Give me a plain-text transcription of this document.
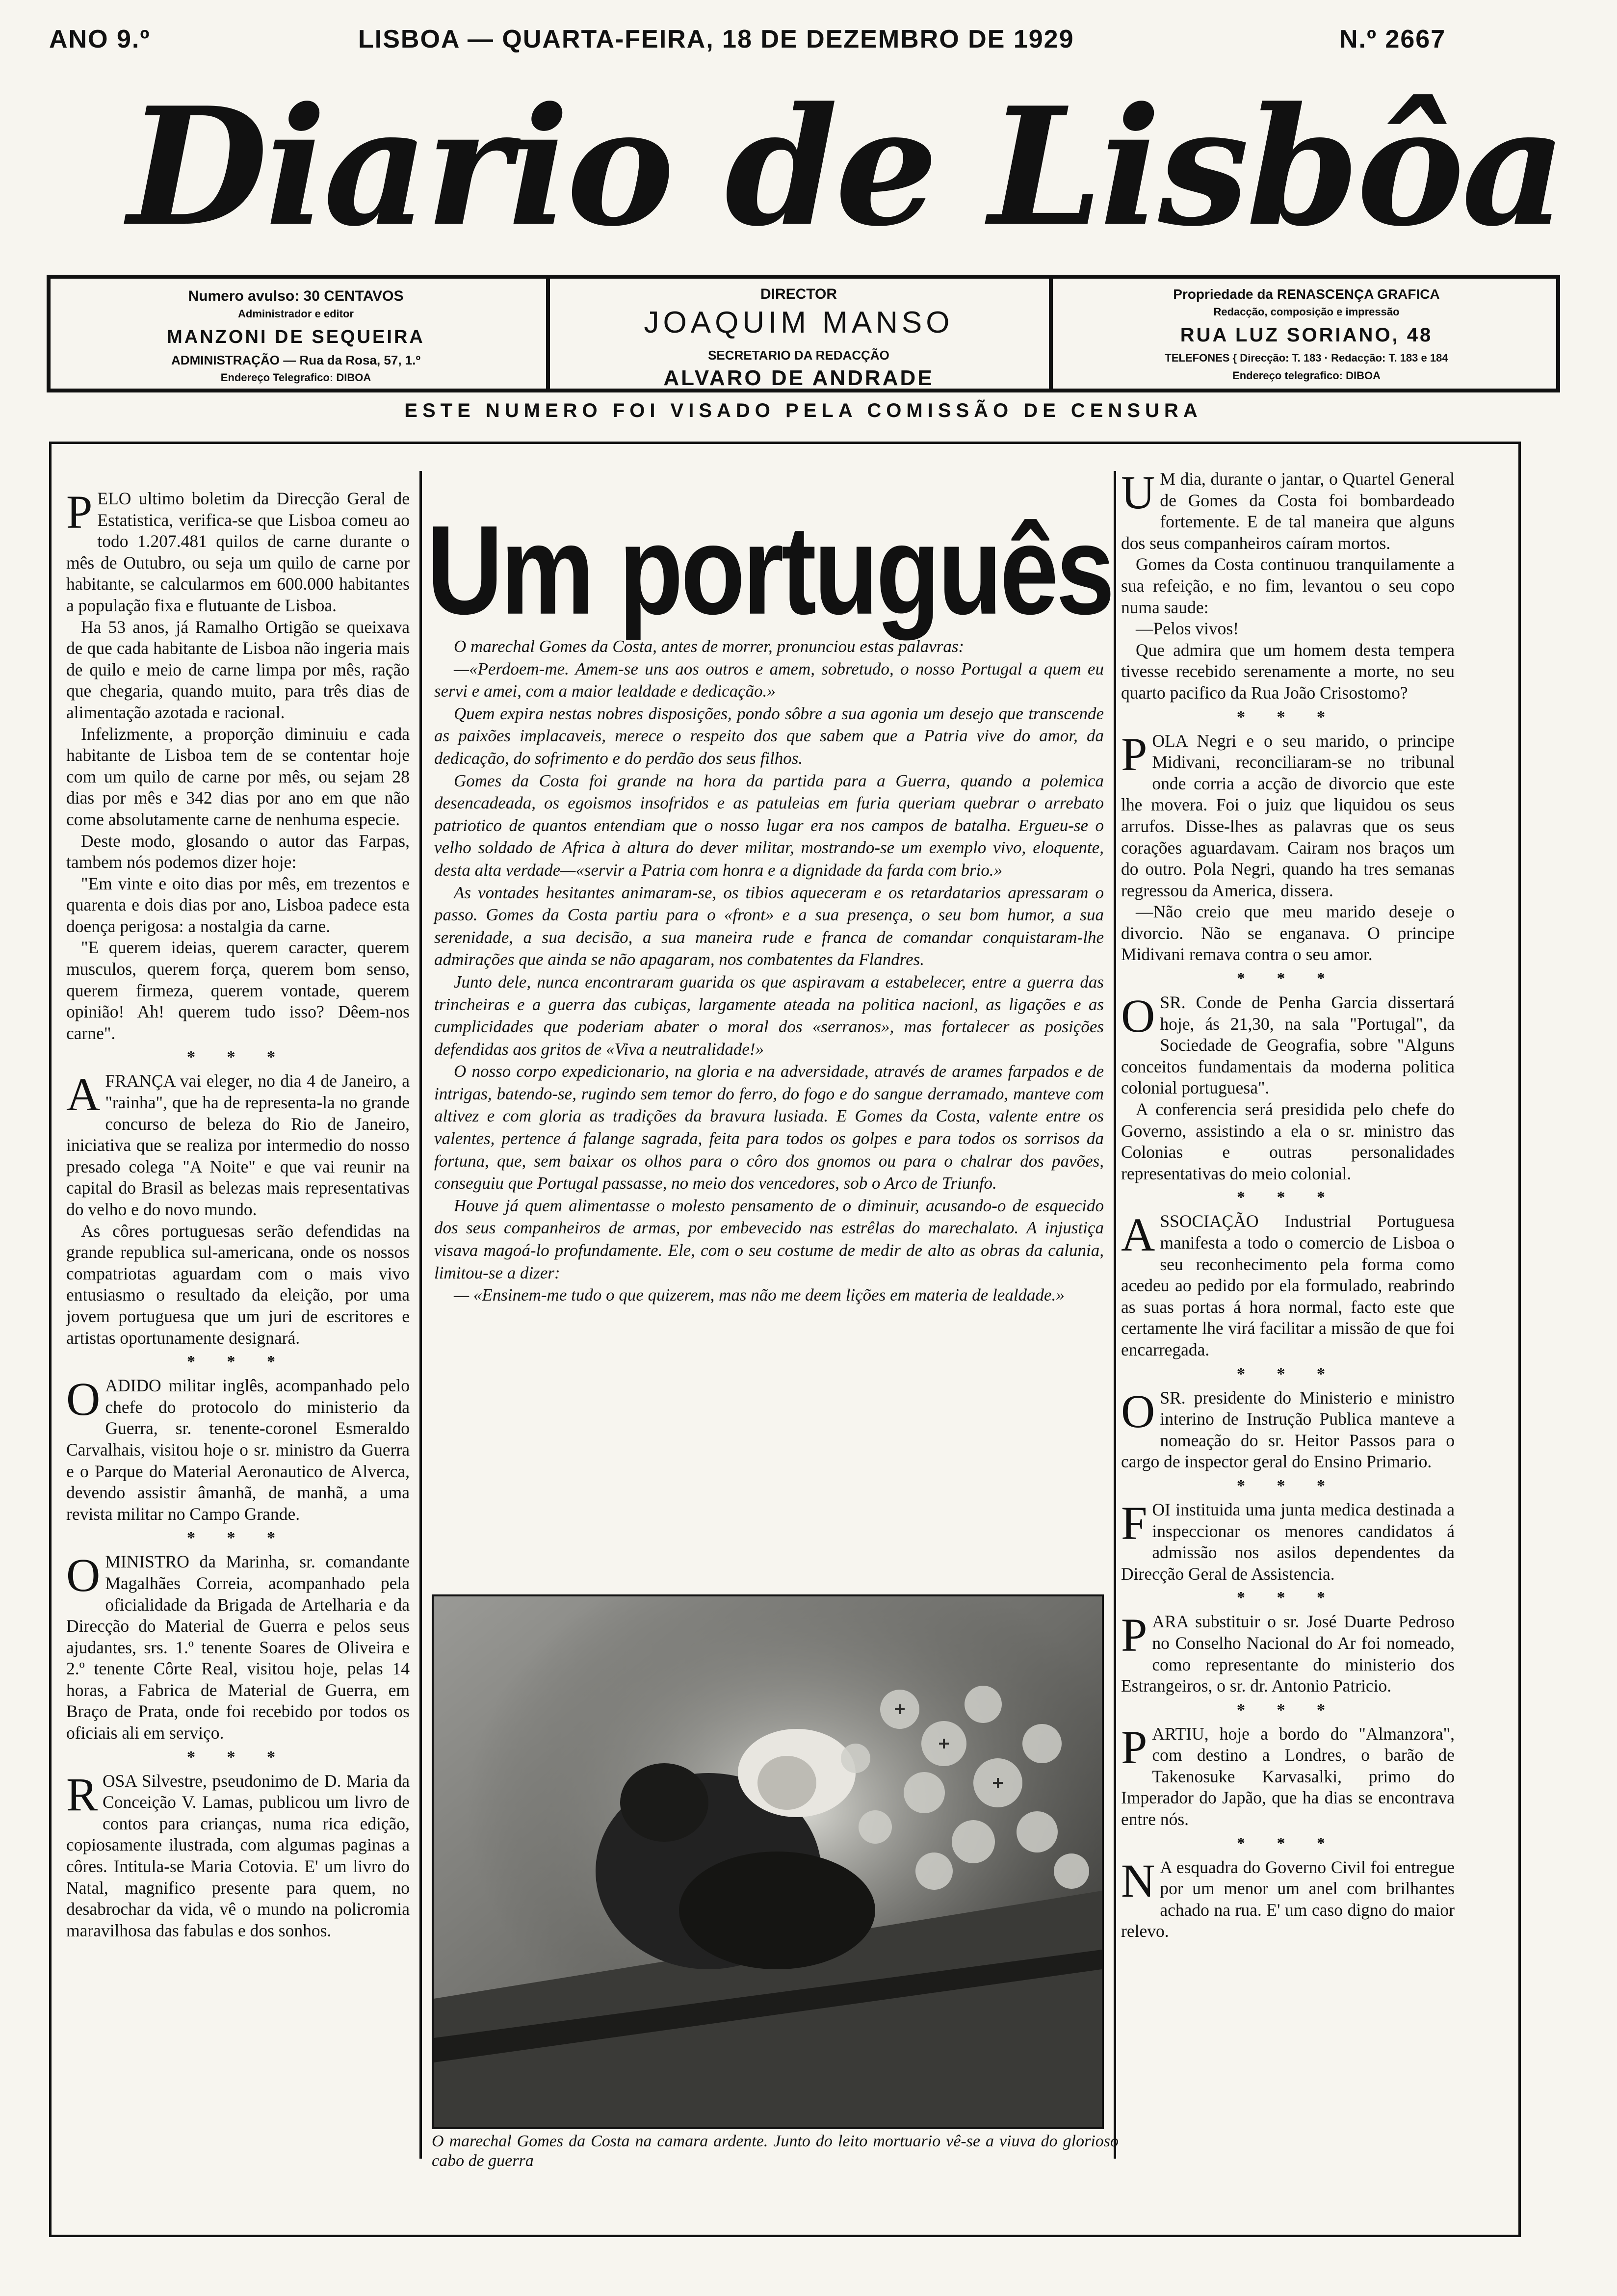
ANO 9.º	LISBOA — QUARTA-FEIRA, 18 DE DEZEMBRO DE 1929	N.º 2667
Diario de Lisbôa
Numero avulso: 30 CENTAVOS
Administrador e editor
MANZONI DE SEQUEIRA
ADMINISTRAÇÃO — Rua da Rosa, 57, 1.º
Endereço Telegrafico: DIBOA
DIRECTOR
JOAQUIM MANSO
SECRETARIO DA REDACÇÃO
ALVARO DE ANDRADE
Propriedade da RENASCENÇA GRAFICA
Redacção, composição e impressão
RUA LUZ SORIANO, 48
TELEFONES { Direcção: T. 183 · Redacção: T. 183 e 184
Endereço telegrafico: DIBOA
ESTE NUMERO FOI VISADO PELA COMISSÃO DE CENSURA

PELO ultimo boletim da Direcção Geral de Estatistica, verifica-se que Lisboa comeu ao todo 1.207.481 quilos de carne durante o mês de Outubro, ou seja um quilo de carne por habitante, se calcularmos em 600.000 habitantes a população fixa e flutuante de Lisboa.

Ha 53 anos, já Ramalho Ortigão se queixava de que cada habitante de Lisboa não ingeria mais de quilo e meio de carne limpa por mês, ração que chegaria, quando muito, para três dias de alimentação azotada e racional.

Infelizmente, a proporção diminuiu e cada habitante de Lisboa tem de se contentar hoje com um quilo de carne por mês, ou sejam 28 dias por mês e 342 dias por ano em que não come absolutamente carne de nenhuma especie.

Deste modo, glosando o autor das Farpas, tambem nós podemos dizer hoje:

"Em vinte e oito dias por mês, em trezentos e quarenta e dois dias por ano, Lisboa padece esta doença perigosa: a nostalgia da carne.

"E querem ideias, querem caracter, querem musculos, querem força, querem bom senso, querem firmeza, querem vontade, querem opinião! Ah! querem tudo isso? Dêem-nos carne".

* * *

AFRANÇA vai eleger, no dia 4 de Janeiro, a "rainha", que ha de representa-la no grande concurso de beleza do Rio de Janeiro, iniciativa que se realiza por intermedio do nosso presado colega "A Noite" e que vai reunir na capital do Brasil as belezas mais representativas do velho e do novo mundo.

As côres portuguesas serão defendidas na grande republica sul-americana, onde os nossos compatriotas aguardam com o mais vivo entusiasmo o resultado da eleição, por uma jovem portuguesa que um juri de escritores e artistas oportunamente designará.

* * *

OADIDO militar inglês, acompanhado pelo chefe do protocolo do ministerio da Guerra, sr. tenente-coronel Esmeraldo Carvalhais, visitou hoje o sr. ministro da Guerra e o Parque do Material Aeronautico de Alverca, devendo assistir âmanhã, de manhã, a uma revista militar no Campo Grande.

* * *

OMINISTRO da Marinha, sr. comandante Magalhães Correia, acompanhado pela oficialidade da Brigada de Artelharia e da Direcção do Material de Guerra e pelos seus ajudantes, srs. 1.º tenente Soares de Oliveira e 2.º tenente Côrte Real, visitou hoje, pelas 14 horas, a Fabrica de Material de Guerra, em Braço de Prata, onde foi recebido por todos os oficiais ali em serviço.

* * *

ROSA Silvestre, pseudonimo de D. Maria da Conceição V. Lamas, publicou um livro de contos para crianças, numa rica edição, copiosamente ilustrada, com algumas paginas a côres. Intitula-se Maria Cotovia. E' um livro do Natal, magnifico presente para quem, no desabrochar da vida, vê o mundo na policromia maravilhosa das fabulas e dos sonhos.

Um português

O marechal Gomes da Costa, antes de morrer, pronunciou estas palavras:

—«Perdoem-me. Amem-se uns aos outros e amem, sobretudo, o nosso Portugal a quem eu servi e amei, com a maior lealdade e dedicação.»

Quem expira nestas nobres disposições, pondo sôbre a sua agonia um desejo que transcende as paixões implacaveis, merece o respeito dos que sabem que a Patria vive do amor, da dedicação, do sofrimento e do perdão dos seus filhos.

Gomes da Costa foi grande na hora da partida para a Guerra, quando a polemica desencadeada, os egoismos insofridos e as patuleias em furia queriam quebrar o arrebato patriotico de quantos entendiam que o nosso lugar era nos campos de batalha. Ergueu-se o velho soldado de Africa à altura do dever militar, mostrando-se um exemplo vivo, eloquente, desta alta verdade—«servir a Patria com honra e a dignidade da farda com brio.»

As vontades hesitantes animaram-se, os tibios aqueceram e os retardatarios apressaram o passo. Gomes da Costa partiu para o «front» e a sua presença, o seu bom humor, a sua serenidade, a sua decisão, a sua maneira rude e franca de comandar conquistaram-lhe admirações que ainda se não apagaram, nos combatentes da Flandres.

Junto dele, nunca encontraram guarida os que aspiravam a estabelecer, entre a guerra das trincheiras e a guerra das cubiças, largamente ateada na politica nacionl, as ligações e as cumplicidades que poderiam abater o moral dos «serranos», mas fortalecer as posições defendidas aos gritos de «Viva a neutralidade!»

O nosso corpo expedicionario, na gloria e na adversidade, através de arames farpados e de intrigas, batendo-se, rugindo sem temor do ferro, do fogo e do sangue derramado, manteve com altivez e com gloria as tradições da bravura lusiada. E Gomes da Costa, valente entre os valentes, pertence á falange sagrada, feita para todos os golpes e para todos os sorrisos da fortuna, que, sem baixar os olhos para o côro dos gnomos ou para o chalrar dos pavões, conseguiu que Portugal passasse, no meio dos vencedores, sob o Arco de Triunfo.

Houve já quem alimentasse o molesto pensamento de o diminuir, acusando-o de esquecido dos seus companheiros de armas, por embevecido nas estrêlas do marechalato. A injustiça visava magoá-lo profundamente. Ele, com o seu costume de medir de alto as obras da calunia, limitou-se a dizer:

— «Ensinem-me tudo o que quizerem, mas não me deem lições em materia de lealdade.»

O marechal Gomes da Costa na camara ardente. Junto do leito mortuario vê-se a viuva do glorioso cabo de guerra

U M dia, durante o jantar, o Quartel General de Gomes da Costa foi bombardeado fortemente. E de tal maneira que alguns dos seus companheiros caíram mortos.

Gomes da Costa continuou tranquilamente a sua refeição, e no fim, levantou o seu copo numa saude:

—Pelos vivos!

Que admira que um homem desta tempera tivesse recebido serenamente a morte, no seu quarto pacifico da Rua João Crisostomo?

* * *

POLA Negri e o seu marido, o principe Midivani, reconciliaram-se no tribunal onde corria a acção de divorcio que este lhe movera. Foi o juiz que liquidou os seus arrufos. Disse-lhes as palavras que os seus corações aguardavam. Cairam nos braços um do outro. Pola Negri, quando ha tres semanas regressou da America, dissera.

—Não creio que meu marido deseje o divorcio. Não se enganava. O principe Midivani remava contra o seu amor.

* * *

OSR. Conde de Penha Garcia dissertará hoje, ás 21,30, na sala "Portugal", da Sociedade de Geografia, sobre "Alguns conceitos fundamentais da moderna politica colonial portuguesa".

A conferencia será presidida pelo chefe do Governo, assistindo a ela o sr. ministro das Colonias e outras personalidades representativas do meio colonial.

* * *

ASSOCIAÇÃO Industrial Portuguesa manifesta a todo o comercio de Lisboa o seu reconhecimento pela forma como acedeu ao pedido por ela formulado, reabrindo as suas portas á hora normal, facto este que certamente lhe virá facilitar a missão de que foi encarregada.

* * *

OSR. presidente do Ministerio e ministro interino de Instrução Publica manteve a nomeação do sr. Heitor Passos para o cargo de inspector geral do Ensino Primario.

* * *

FOI instituida uma junta medica destinada a inspeccionar os menores candidatos á admissão nos asilos dependentes da Direcção Geral de Assistencia.

* * *

PARA substituir o sr. José Duarte Pedroso no Conselho Nacional do Ar foi nomeado, como representante do ministerio dos Estrangeiros, o sr. dr. Antonio Patricio.

* * *

PARTIU, hoje a bordo do "Almanzora", com destino a Londres, o barão de Takenosuke Karvasalki, primo do Imperador do Japão, que ha dias se encontrava entre nós.

* * *

N A esquadra do Governo Civil foi entregue por um menor um anel com brilhantes achado na rua. E' um caso digno do maior relevo.
